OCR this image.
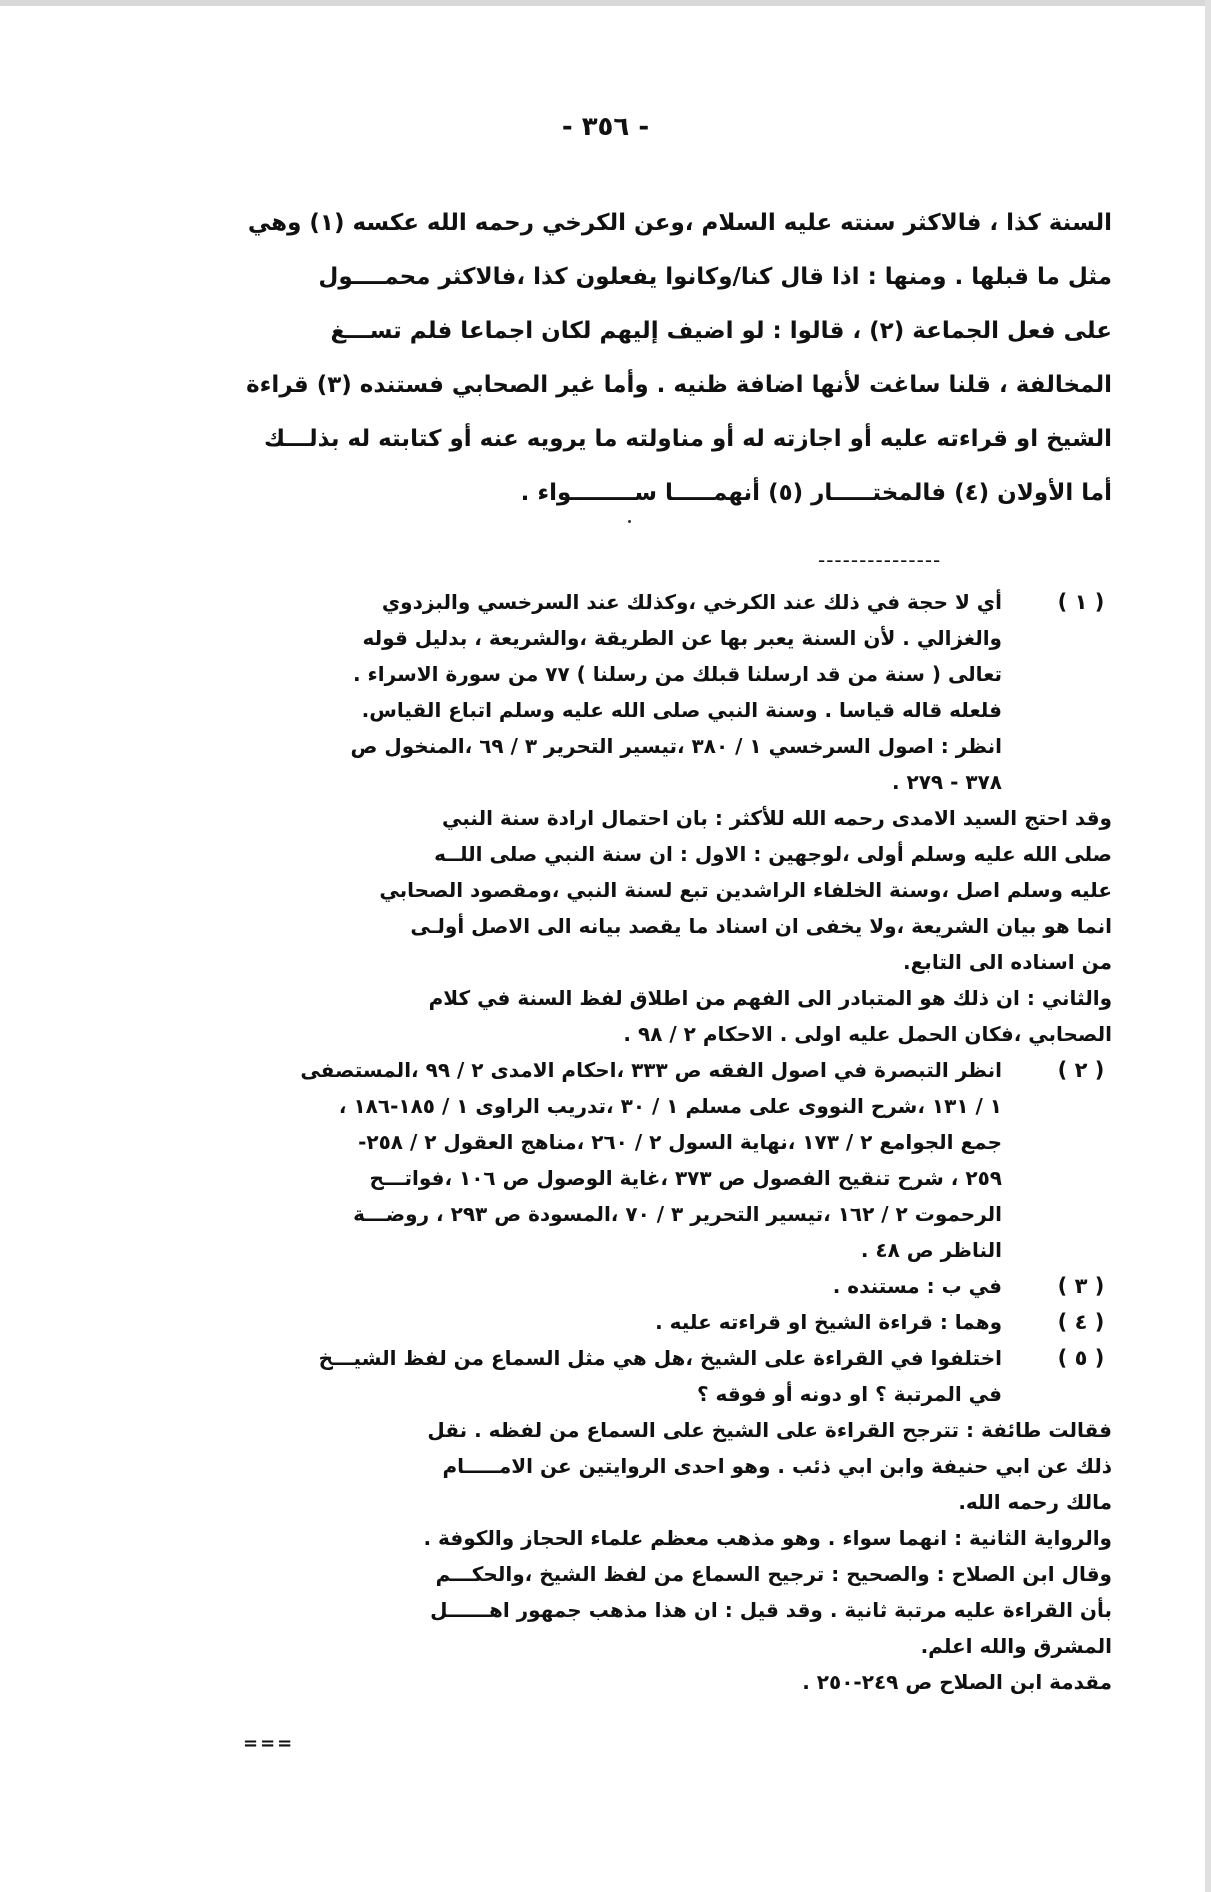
- ٣٥٦ -
السنة كذا ، فالاكثر سنته عليه السلام ،وعن الكرخي رحمه الله عكسه (١) وهي
مثل ما قبلها . ومنها : اذا قال كنا/وكانوا يفعلون كذا ،فالاكثر محمــــول
على فعل الجماعة (٢) ، قالوا : لو اضيف إليهم لكان اجماعا فلم تســـغ
المخالفة ، قلنا ساغت لأنها اضافة ظنيه . وأما غير الصحابي فستنده (٣) قراءة
الشيخ او قراءته عليه أو اجازته له أو مناولته ما يرويه عنه أو كتابته له بذلـــك
أما الأولان (٤) فالمختـــــار (٥) أنهمـــــا ســــــــواء .
---------------
( ١ )
أي لا حجة في ذلك عند الكرخي ،وكذلك عند السرخسي والبزدوي
والغزالي . لأن السنة يعبر بها عن الطريقة ،والشريعة ، بدليل قوله
تعالى ( سنة من قد ارسلنا قبلك من رسلنا ) ٧٧ من سورة الاسراء .
فلعله قاله قياسا . وسنة النبي صلى الله عليه وسلم اتباع القياس.
انظر : اصول السرخسي ١ / ٣٨٠ ،تيسير التحرير ٣ / ٦٩ ،المنخول ص
٣٧٨ - ٢٧٩ .
وقد احتج السيد الامدى رحمه الله للأكثر : بان احتمال ارادة سنة النبي
صلى الله عليه وسلم أولى ،لوجهين : الاول : ان سنة النبي صلى اللــه
عليه وسلم اصل ،وسنة الخلفاء الراشدين تبع لسنة النبي ،ومقصود الصحابي
انما هو بيان الشريعة ،ولا يخفى ان اسناد ما يقصد بيانه الى الاصل أولـى
من اسناده الى التابع.
والثاني : ان ذلك هو المتبادر الى الفهم من اطلاق لفظ السنة في كلام
الصحابي ،فكان الحمل عليه اولى . الاحكام ٢ / ٩٨ .
( ٢ )
انظر التبصرة في اصول الفقه ص ٣٣٣ ،احكام الامدى ٢ / ٩٩ ،المستصفى
١ / ١٣١ ،شرح النووى على مسلم ١ / ٣٠ ،تدريب الراوى ١ / ١٨٥-١٨٦ ،
جمع الجوامع ٢ / ١٧٣ ،نهاية السول ٢ / ٢٦٠ ،مناهج العقول ٢ / ٢٥٨-
٢٥٩ ، شرح تنقيح الفصول ص ٣٧٣ ،غاية الوصول ص ١٠٦ ،فواتـــح
الرحموت ٢ / ١٦٢ ،تيسير التحرير ٣ / ٧٠ ،المسودة ص ٢٩٣ ، روضـــة
الناظر ص ٤٨ .
( ٣ )
في ب : مستنده .
( ٤ )
وهما : قراءة الشيخ او قراءته عليه .
( ٥ )
اختلفوا في القراءة على الشيخ ،هل هي مثل السماع من لفظ الشيـــخ
في المرتبة ؟ او دونه أو فوقه ؟
فقالت طائفة : تترجح القراءة على الشيخ على السماع من لفظه . نقل
ذلك عن ابي حنيفة وابن ابي ذئب . وهو احدى الروايتين عن الامـــــام
مالك رحمه الله.
والرواية الثانية : انهما سواء . وهو مذهب معظم علماء الحجاز والكوفة .
وقال ابن الصلاح : والصحيح : ترجيح السماع من لفظ الشيخ ،والحكـــم
بأن القراءة عليه مرتبة ثانية . وقد قيل : ان هذا مذهب جمهور اهــــــل
المشرق والله اعلم.
مقدمة ابن الصلاح ص ٢٤٩-٢٥٠ .
===
